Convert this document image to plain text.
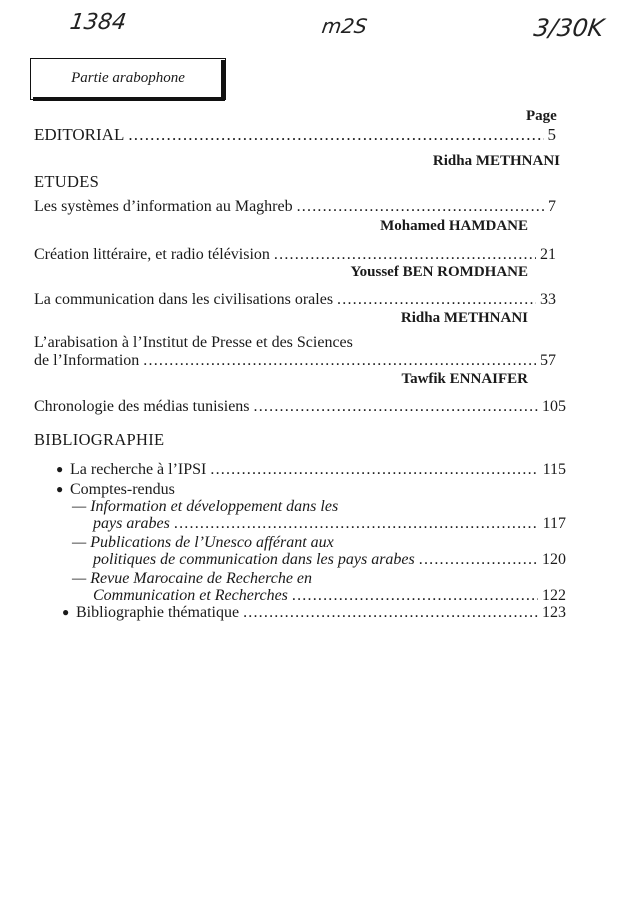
1384	m2S	3/30K
Partie arabophone
Page
EDITORIAL .....	5
Ridha METHNANI
ETUDES
Les systèmes d’information au Maghreb .....	7
Mohamed HAMDANE
Création littéraire, et radio télévision .....	21
Youssef BEN ROMDHANE
La communication dans les civilisations orales .....	33
Ridha METHNANI
L’arabisation à l’Institut de Presse et des Sciences
de l’Information .....	57
Tawfik ENNAIFER
Chronologie des médias tunisiens .....	105
BIBLIOGRAPHIE
● La recherche à l’IPSI .....	115
● Comptes-rendus
— Information et développement dans les
pays arabes .....	117
— Publications de l’Unesco afférant aux
politiques de communication dans les pays arabes .....	120
— Revue Marocaine de Recherche en
Communication et Recherches .....	122
● Bibliographie thématique .....	123
